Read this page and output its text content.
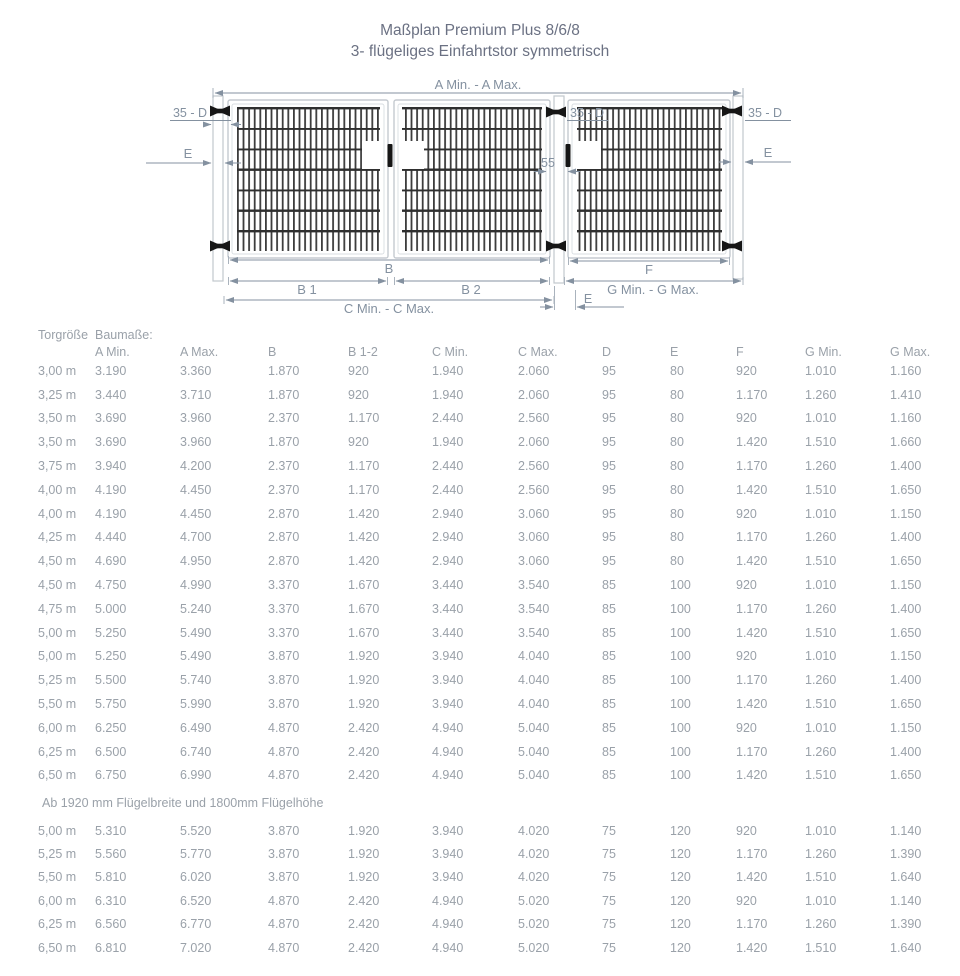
Maßplan Premium Plus 8/6/8
3- flügeliges Einfahrtstor symmetrisch
A Min. - A Max.
35 - D	35 - D	35 - D
E	E
55
B
B 1	B 2
C Min. - C Max.
F
G Min. - G Max.
E
Torgröße Baumaße:
A Min.	A Max.	B	B 1-2	C Min.	C Max.	D	E	F	G Min.	G Max.
3,00 m	3.190	3.360	1.870	920	1.940	2.060	95	80	920	1.010	1.160
3,25 m	3.440	3.710	1.870	920	1.940	2.060	95	80	1.170	1.260	1.410
3,50 m	3.690	3.960	2.370	1.170	2.440	2.560	95	80	920	1.010	1.160
3,50 m	3.690	3.960	1.870	920	1.940	2.060	95	80	1.420	1.510	1.660
3,75 m	3.940	4.200	2.370	1.170	2.440	2.560	95	80	1.170	1.260	1.400
4,00 m	4.190	4.450	2.370	1.170	2.440	2.560	95	80	1.420	1.510	1.650
4,00 m	4.190	4.450	2.870	1.420	2.940	3.060	95	80	920	1.010	1.150
4,25 m	4.440	4.700	2.870	1.420	2.940	3.060	95	80	1.170	1.260	1.400
4,50 m	4.690	4.950	2.870	1.420	2.940	3.060	95	80	1.420	1.510	1.650
4,50 m	4.750	4.990	3.370	1.670	3.440	3.540	85	100	920	1.010	1.150
4,75 m	5.000	5.240	3.370	1.670	3.440	3.540	85	100	1.170	1.260	1.400
5,00 m	5.250	5.490	3.370	1.670	3.440	3.540	85	100	1.420	1.510	1.650
5,00 m	5.250	5.490	3.870	1.920	3.940	4.040	85	100	920	1.010	1.150
5,25 m	5.500	5.740	3.870	1.920	3.940	4.040	85	100	1.170	1.260	1.400
5,50 m	5.750	5.990	3.870	1.920	3.940	4.040	85	100	1.420	1.510	1.650
6,00 m	6.250	6.490	4.870	2.420	4.940	5.040	85	100	920	1.010	1.150
6,25 m	6.500	6.740	4.870	2.420	4.940	5.040	85	100	1.170	1.260	1.400
6,50 m	6.750	6.990	4.870	2.420	4.940	5.040	85	100	1.420	1.510	1.650
Ab 1920 mm Flügelbreite und 1800mm Flügelhöhe
5,00 m	5.310	5.520	3.870	1.920	3.940	4.020	75	120	920	1.010	1.140
5,25 m	5.560	5.770	3.870	1.920	3.940	4.020	75	120	1.170	1.260	1.390
5,50 m	5.810	6.020	3.870	1.920	3.940	4.020	75	120	1.420	1.510	1.640
6,00 m	6.310	6.520	4.870	2.420	4.940	5.020	75	120	920	1.010	1.140
6,25 m	6.560	6.770	4.870	2.420	4.940	5.020	75	120	1.170	1.260	1.390
6,50 m	6.810	7.020	4.870	2.420	4.940	5.020	75	120	1.420	1.510	1.640
